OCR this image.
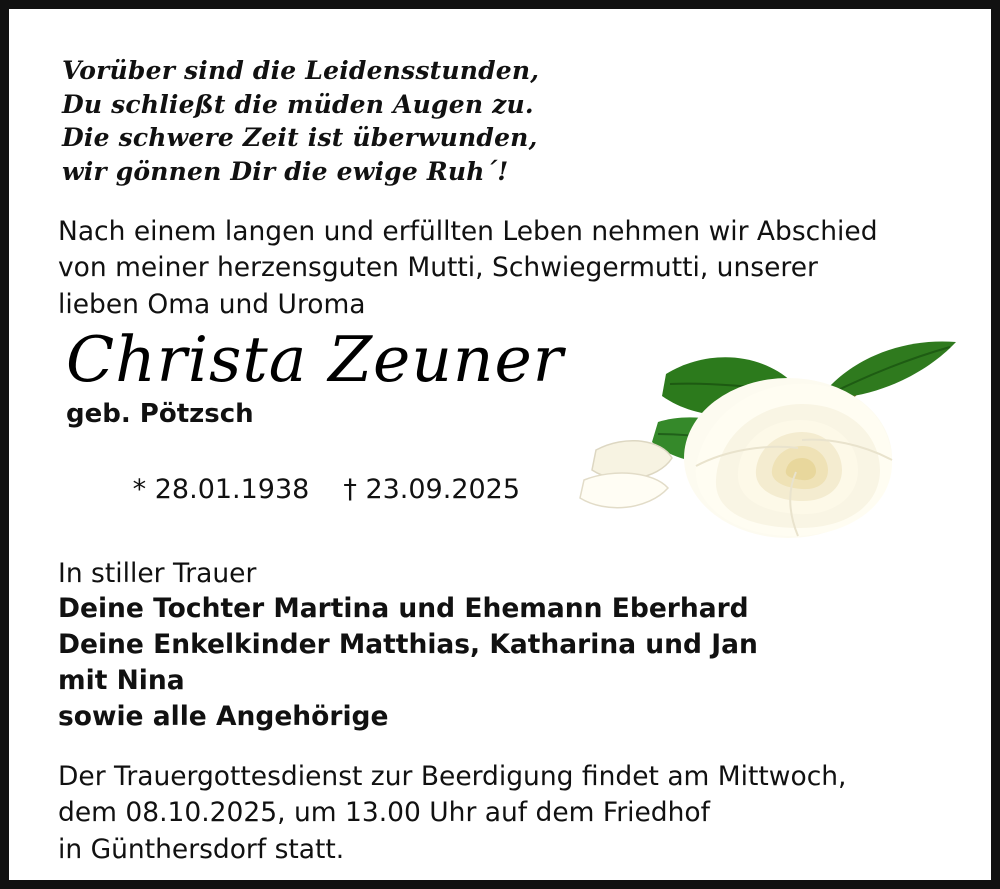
Vorüber sind die Leidensstunden,
Du schließt die müden Augen zu.
Die schwere Zeit ist überwunden,
wir gönnen Dir die ewige Ruh´!
Nach einem langen und erfüllten Leben nehmen wir Abschied
von meiner herzensguten Mutti, Schwiegermutti, unserer
lieben Oma und Uroma
Christa Zeuner
geb. Pötzsch

* 28.01.1938 † 23.09.2025

In stiller Trauer
Deine Tochter Martina und Ehemann Eberhard
Deine Enkelkinder Matthias, Katharina und Jan
mit Nina
sowie alle Angehörige
Der Trauergottesdienst zur Beerdigung findet am Mittwoch,
dem 08.10.2025, um 13.00 Uhr auf dem Friedhof
in Günthersdorf statt.
